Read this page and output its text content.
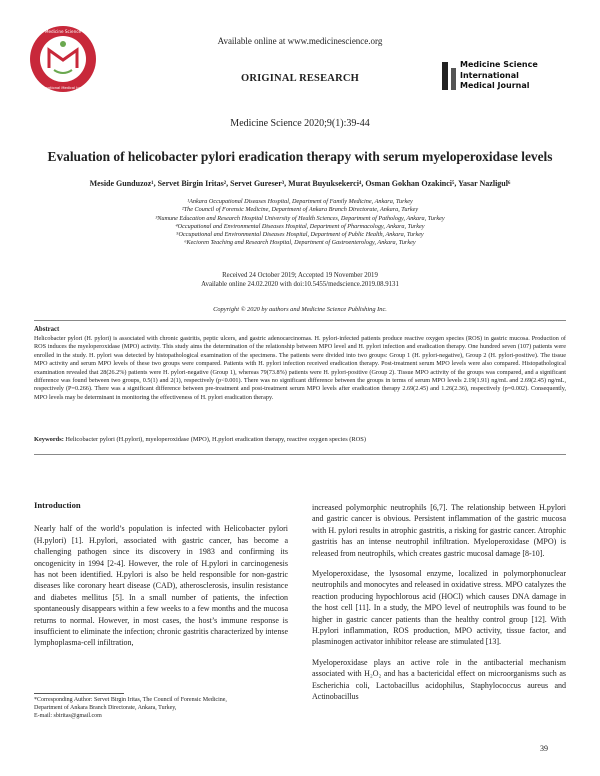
Available online at www.medicinescience.org
Medicine Science
International Medical Journal
ORIGINAL RESEARCH
Medicine Science
International
Medical Journal
Medicine Science 2020;9(1):39-44
Evaluation of helicobacter pylori eradication therapy with serum myeloperoxidase levels
Meside Gunduzoz¹, Servet Birgin Iritas², Servet Gureser³, Murat Buyuksekerci⁴, Osman Gokhan Ozakinci⁵, Yasar Nazligul⁶
¹Ankara Occupational Diseases Hospital, Department of Family Medicine, Ankara, Turkey
²The Council of Forensic Medicine, Department of Ankara Branch Directorate, Ankara, Turkey
³Numune Education and Research Hospital University of Health Sciences, Department of Pathology, Ankara, Turkey
⁴Occupational and Environmental Diseases Hospital, Department of Pharmacology, Ankara, Turkey
⁵Occupational and Environmental Diseases Hospital, Department of Public Health, Ankara, Turkey
⁶Kecioren Teaching and Research Hospital, Department of Gastroenterology, Ankara, Turkey
Received 24 October 2019; Accepted 19 November 2019
Available online 24.02.2020 with doi:10.5455/medscience.2019.08.9131
Copyright © 2020 by authors and Medicine Science Publishing Inc.
Abstract
Helicobacter pylori (H. pylori) is associated with chronic gastritis, peptic ulcers, and gastric adenocarcinomas. H. pylori-infected patients produce reactive oxygen species (ROS) in gastric mucosa. Production of ROS induces the myeloperoxidase (MPO) activity. This study aims the determination of the relationship between MPO level and H. pylori infection and eradication therapy. One hundred seven (107) patients were enrolled in the study. H. pylori was detected by histopathological examination of the specimens. The patients were divided into two groups: Group 1 (H. pylori-negative), Group 2 (H. pylori-positive). The tissue MPO activity and serum MPO levels of these two groups were compared. Patients with H. pylori infection received eradication therapy. Post-treatment serum MPO levels were also compared. Histopathological examination revealed that 28(26.2%) patients were H. pylori-negative (Group 1), whereas 79(73.8%) patients were H. pylori-positive (Group 2). Tissue MPO activity of the groups was compared, and a significant difference was found between two groups, 0.5(1) and 2(1), respectively (p<0.001). There was no significant difference between the groups in terms of serum MPO levels 2.19(1.91) ng/mL and 2.69(2.45) ng/mL, respectively (P=0.266). There was a significant difference between pre-treatment and post-treatment serum MPO levels after eradication therapy 2.69(2.45) and 1.26(2.36), respectively (p=0.002). Consequently, MPO levels may be determinant in monitoring the effectiveness of H. pylori eradication therapy.
Keywords: Helicobacter pylori (H.pylori), myeloperoxidase (MPO), H.pylori eradication therapy, reactive oxygen species (ROS)
Introduction

Nearly half of the world’s population is infected with Helicobacter pylori (H.pylori) [1]. H.pylori, associated with gastric cancer, has become a challenging pathogen since its discovery in 1983 and confirming its oncogenicity in 1994 [2-4]. However, the role of H.pylori in carcinogenesis has not been identified. H.pylori is also be held responsible for non-gastric diseases like coronary heart disease (CAD), atherosclerosis, insulin resistance and diabetes mellitus [5]. In a small number of patients, the infection spontaneously disappears within a few weeks to a few months and the mucosa returns to normal. However, in most cases, the host’s immune response is insufficient to eliminate the infection; chronic gastritis characterized by intense lymphoplasma-cell infiltration,

increased polymorphic neutrophils [6,7]. The relationship between H.pylori and gastric cancer is obvious. Persistent inflammation of the gastric mucosa with H. pylori results in atrophic gastritis, a risking for gastric cancer. Atrophic gastritis has an intense neutrophil infiltration. Myeloperoxidase (MPO) is released from neutrophils, which creates gastric mucosal damage [8-10].

Myeloperoxidase, the lysosomal enzyme, localized in polymorphonuclear neutrophils and monocytes and released in oxidative stress. MPO catalyzes the reaction producing hypochlorous acid (HOCl) which causes DNA damage in the host cell [11]. In a study, the MPO level of neutrophils was found to be higher in gastric cancer patients than the healthy control group [12]. With H.pylori inflammation, ROS production, MPO activity, tissue factor, and plasminogen activator inhibitor release are stimulated [13].

Myeloperoxidase plays an active role in the antibacterial mechanism associated with H₂O₂ and has a bactericidal effect on microorganisms such as Escherichia coli, Lactobacillus acidophilus, Staphylococcus aureus and Actinobacillus

*Corresponding Author: Servet Birgin Iritas, The Council of Forensic Medicine,
Department of Ankara Branch Directorate, Ankara, Turkey,
E-mail: sbiritas@gmail.com
39
